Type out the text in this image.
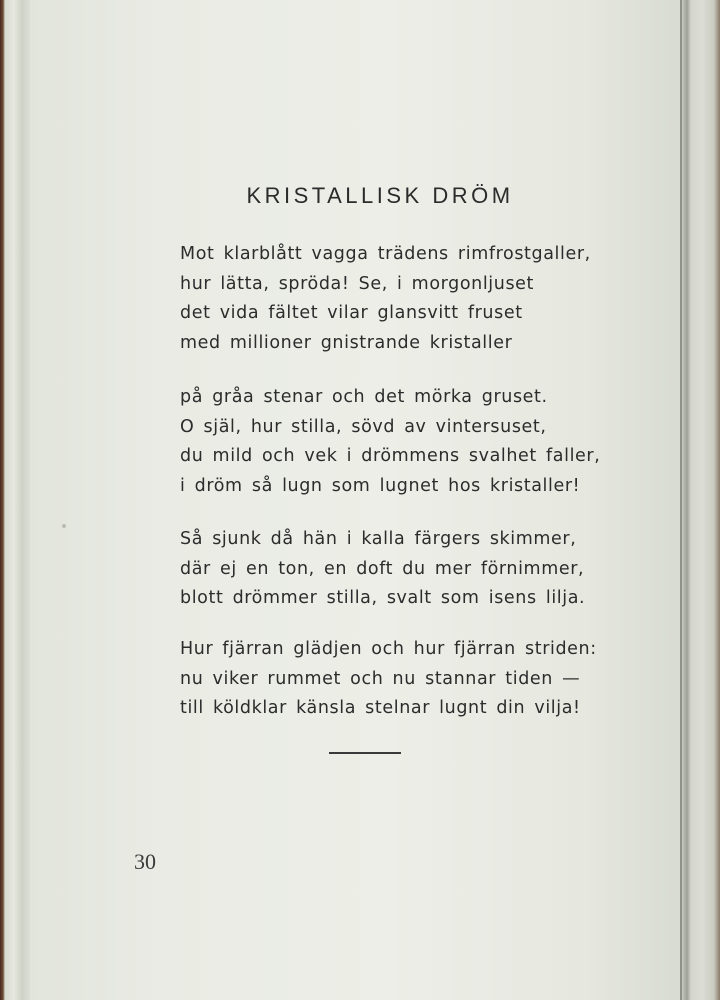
KRISTALLISK DRÖM
Mot klarblått vagga trädens rimfrostgaller,
hur lätta, spröda! Se, i morgonljuset
det vida fältet vilar glansvitt fruset
med millioner gnistrande kristaller
på gråa stenar och det mörka gruset.
O själ, hur stilla, sövd av vintersuset,
du mild och vek i drömmens svalhet faller,
i dröm så lugn som lugnet hos kristaller!
Så sjunk då hän i kalla färgers skimmer,
där ej en ton, en doft du mer förnimmer,
blott drömmer stilla, svalt som isens lilja.
Hur fjärran glädjen och hur fjärran striden:
nu viker rummet och nu stannar tiden —
till köldklar känsla stelnar lugnt din vilja!
30
